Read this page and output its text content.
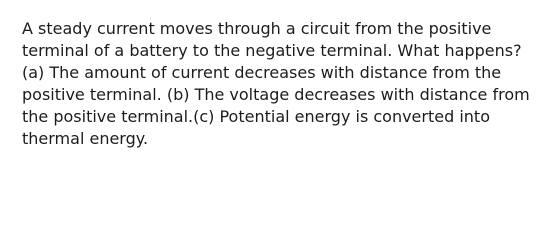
A steady current moves through a circuit from the positive
terminal of a battery to the negative terminal. What happens?
(a) The amount of current decreases with distance from the
positive terminal. (b) The voltage decreases with distance from
the positive terminal.(c) Potential energy is converted into
thermal energy.
